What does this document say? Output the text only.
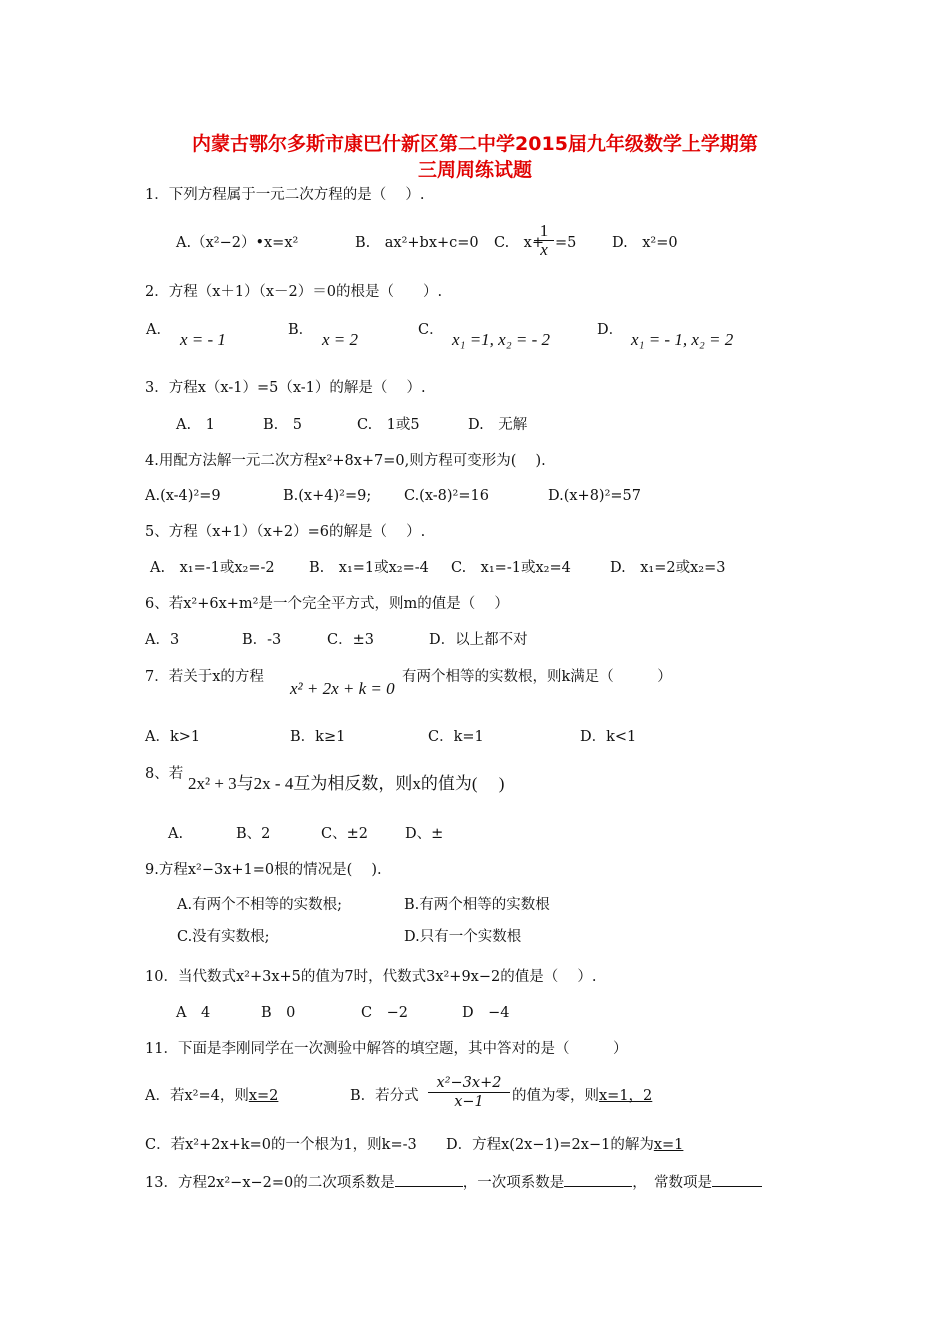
内蒙古鄂尔多斯市康巴什新区第二中学2015届九年级数学上学期第
三周周练试题
1．下列方程属于一元二次方程的是（　 ）.
A.（x²−2）•x=x²	B.　ax²+bx+c=0 C.　x+
1
x =5 D.　x²=0
2．方程（x＋1）（x－2）＝0的根是（　　）.
A． x = - 1	B． x = 2	C． x₁ =1, x₂ = - 2	D． x₁ = - 1, x₂ = 2
3．方程x（x-1）=5（x-1）的解是（　 ）.
A.　1	B.　5	C.　1或5	D.　无解
4.用配方法解一元二次方程x²+8x+7=0,则方程可变形为(　 ).
A.(x-4)²=9	B.(x+4)²=9; C.(x-8)²=16	D.(x+8)²=57
5、方程（x+1）（x+2）=6的解是（　 ）.
A.　x₁=-1或x₂=-2 B.　x₁=1或x₂=-4 C.　x₁=-1或x₂=4	D.　x₁=2或x₂=3
6、若x²+6x+m²是一个完全平方式，则m的值是（　 ）
A．3	B．-3	C．±3	D．以上都不对
7．若关于x的方程
x² + 2x + k = 0
有两个相等的实数根，则k满足（　　　）
A．k>1	B．k≥1	C．k=1	D．k<1
8、若 2x² + 3与2x - 4互为相反数，则x的值为(　 )
A.	B、2	C、±2	D、±
9.方程x²−3x+1=0根的情况是(　 ).
A.有两个不相等的实数根;	B.有两个相等的实数根
C.没有实数根;	D.只有一个实数根
10．当代数式x²+3x+5的值为7时，代数式3x²+9x−2的值是（　 ）.
A　4	B　0	C　−2	D　−4
11．下面是李刚同学在一次测验中解答的填空题，其中答对的是（　　　）
A．若x²=4，则x=2	B．若分式
x²−3x+2
x−1	的值为零，则x=1，2
C．若x²+2x+k=0的一个根为1，则k=-3 D．方程x(2x−1)=2x−1的解为x=1
13．方程2x²−x−2=0的二次项系数是	，一次项系数是	，　常数项是
